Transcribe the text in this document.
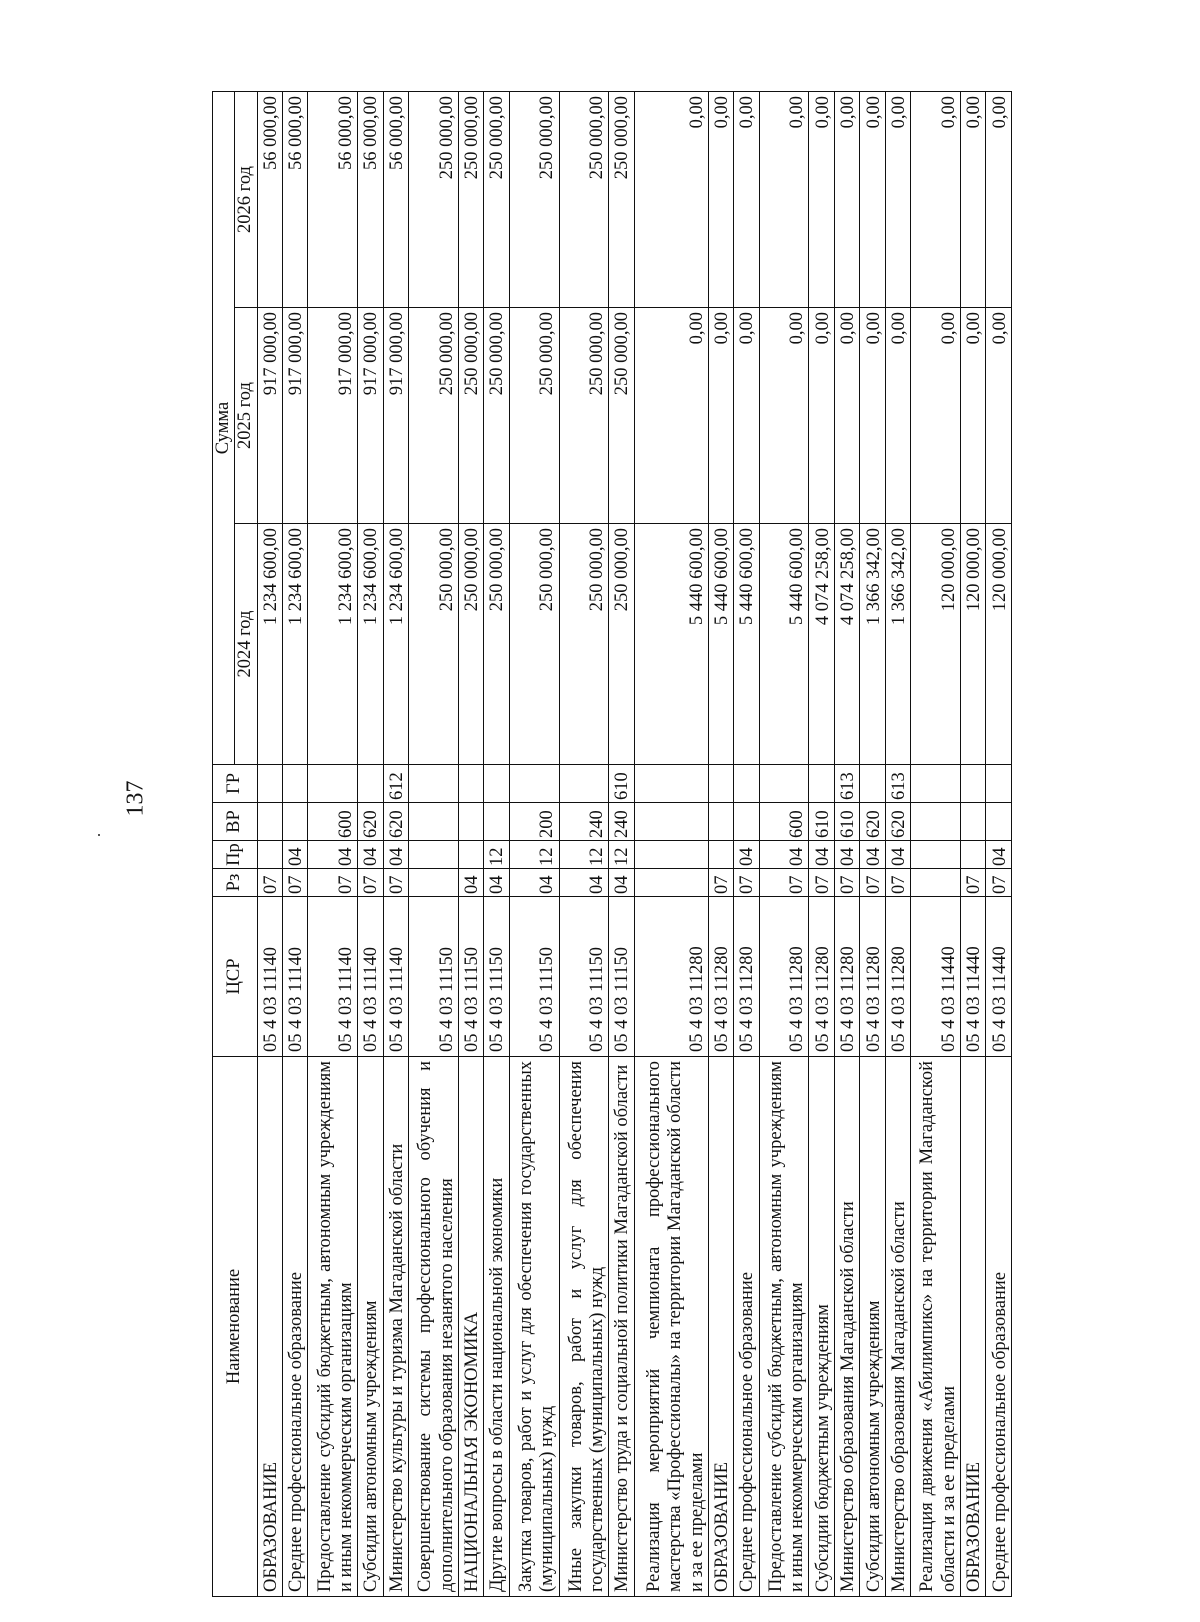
137
Наименование	ЦСР	Рз	Пр	ВР	ГР	Сумма		
						2024 год	2025 год	2026 год
ОБРАЗОВАНИЕ	05 4 03 11140	07				1 234 600,00	917 000,00	56 000,00
Среднее профессиональное образование	05 4 03 11140	07	04			1 234 600,00	917 000,00	56 000,00
Предоставление субсидий бюджетным, автономным учреждениям и иным некоммерческим организациям	05 4 03 11140	07	04	600		1 234 600,00	917 000,00	56 000,00
Субсидии автономным учреждениям	05 4 03 11140	07	04	620		1 234 600,00	917 000,00	56 000,00
Министерство культуры и туризма Магаданской области	05 4 03 11140	07	04	620	612	1 234 600,00	917 000,00	56 000,00
Совершенствование системы профессионального обучения и дополнительного образования незанятого населения	05 4 03 11150					250 000,00	250 000,00	250 000,00
НАЦИОНАЛЬНАЯ ЭКОНОМИКА	05 4 03 11150	04				250 000,00	250 000,00	250 000,00
Другие вопросы в области национальной экономики	05 4 03 11150	04	12			250 000,00	250 000,00	250 000,00
Закупка товаров, работ и услуг для обеспечения государственных (муниципальных) нужд	05 4 03 11150	04	12	200		250 000,00	250 000,00	250 000,00
Иные закупки товаров, работ и услуг для обеспечения государственных (муниципальных) нужд	05 4 03 11150	04	12	240		250 000,00	250 000,00	250 000,00
Министерство труда и социальной политики Магаданской области	05 4 03 11150	04	12	240	610	250 000,00	250 000,00	250 000,00
Реализация мероприятий чемпионата профессионального мастерства «Профессионалы» на территории Магаданской области и за ее пределами	05 4 03 11280					5 440 600,00	0,00	0,00
ОБРАЗОВАНИЕ	05 4 03 11280	07				5 440 600,00	0,00	0,00
Среднее профессиональное образование	05 4 03 11280	07	04			5 440 600,00	0,00	0,00
Предоставление субсидий бюджетным, автономным учреждениям и иным некоммерческим организациям	05 4 03 11280	07	04	600		5 440 600,00	0,00	0,00
Субсидии бюджетным учреждениям	05 4 03 11280	07	04	610		4 074 258,00	0,00	0,00
Министерство образования Магаданской области	05 4 03 11280	07	04	610	613	4 074 258,00	0,00	0,00
Субсидии автономным учреждениям	05 4 03 11280	07	04	620		1 366 342,00	0,00	0,00
Министерство образования Магаданской области	05 4 03 11280	07	04	620	613	1 366 342,00	0,00	0,00
Реализация движения «Абилимпикс» на территории Магаданской области и за ее пределами	05 4 03 11440					120 000,00	0,00	0,00
ОБРАЗОВАНИЕ	05 4 03 11440	07				120 000,00	0,00	0,00
Среднее профессиональное образование	05 4 03 11440	07	04			120 000,00	0,00	0,00
